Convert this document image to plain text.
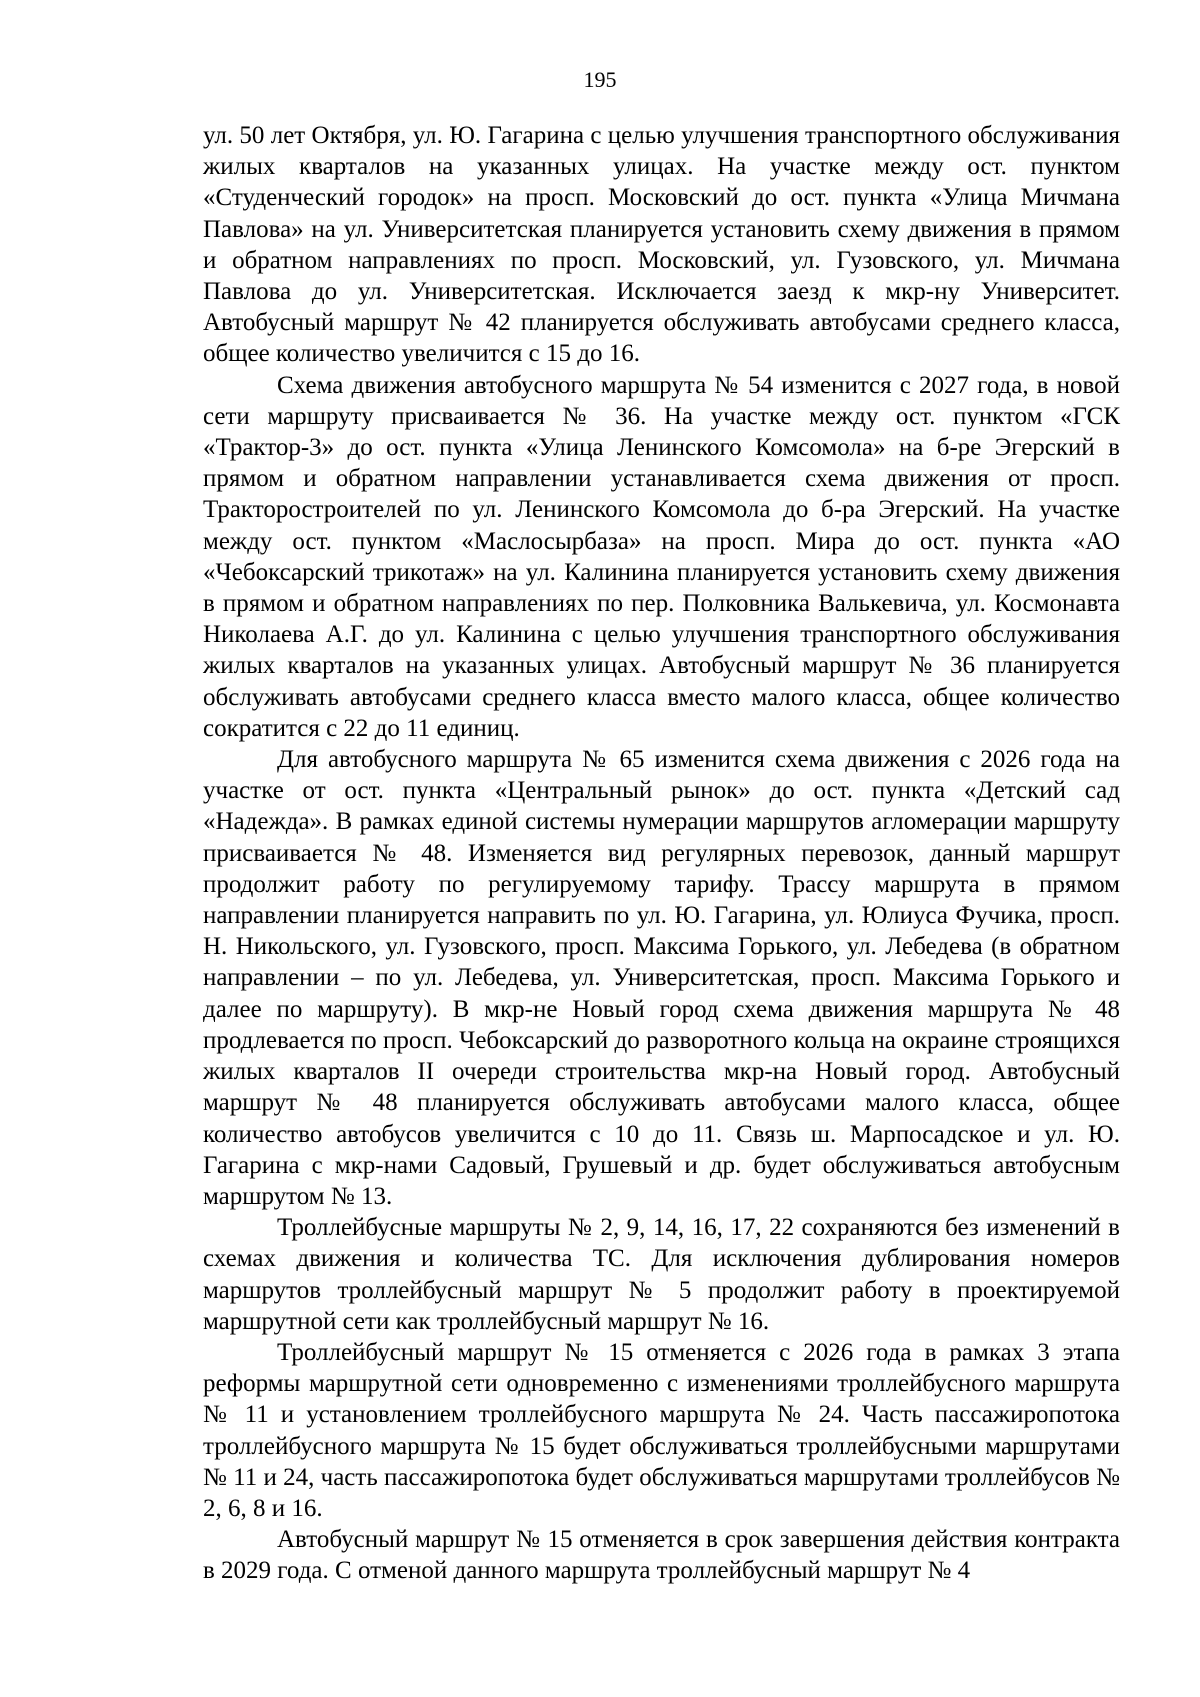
195

ул. 50 лет Октября, ул. Ю. Гагарина с целью улучшения транспортного обслуживания жилых кварталов на указанных улицах. На участке между ост. пунктом «Студенческий городок» на просп. Московский до ост. пункта «Улица Мичмана Павлова» на ул. Университетская планируется установить схему движения в прямом и обратном направлениях по просп. Московский, ул. Гузовского, ул. Мичмана Павлова до ул. Университетская. Исключается заезд к мкр-ну Университет. Автобусный маршрут № 42 планируется обслуживать автобусами среднего класса, общее количество увеличится с 15 до 16.

Схема движения автобусного маршрута № 54 изменится с 2027 года, в новой сети маршруту присваивается № 36. На участке между ост. пунктом «ГСК «Трактор-3» до ост. пункта «Улица Ленинского Комсомола» на б-ре Эгерский в прямом и обратном направлении устанавливается схема движения от просп. Тракторостроителей по ул. Ленинского Комсомола до б-ра Эгерский. На участке между ост. пунктом «Маслосырбаза» на просп. Мира до ост. пункта «АО «Чебоксарский трикотаж» на ул. Калинина планируется установить схему движения в прямом и обратном направлениях по пер. Полковника Валькевича, ул. Космонавта Николаева А.Г. до ул. Калинина с целью улучшения транспортного обслуживания жилых кварталов на указанных улицах. Автобусный маршрут № 36 планируется обслуживать автобусами среднего класса вместо малого класса, общее количество сократится с 22 до 11 единиц.

Для автобусного маршрута № 65 изменится схема движения с 2026 года на участке от ост. пункта «Центральный рынок» до ост. пункта «Детский сад «Надежда». В рамках единой системы нумерации маршрутов агломерации маршруту присваивается № 48. Изменяется вид регулярных перевозок, данный маршрут продолжит работу по регулируемому тарифу. Трассу маршрута в прямом направлении планируется направить по ул. Ю. Гагарина, ул. Юлиуса Фучика, просп. Н. Никольского, ул. Гузовского, просп. Максима Горького, ул. Лебедева (в обратном направлении – по ул. Лебедева, ул. Университетская, просп. Максима Горького и далее по маршруту). В мкр-не Новый город схема движения маршрута № 48 продлевается по просп. Чебоксарский до разворотного кольца на окраине строящихся жилых кварталов II очереди строительства мкр-на Новый город. Автобусный маршрут № 48 планируется обслуживать автобусами малого класса, общее количество автобусов увеличится с 10 до 11. Связь ш. Марпосадское и ул. Ю. Гагарина с мкр-нами Садовый, Грушевый и др. будет обслуживаться автобусным маршрутом № 13.

Троллейбусные маршруты № 2, 9, 14, 16, 17, 22 сохраняются без изменений в схемах движения и количества ТС. Для исключения дублирования номеров маршрутов троллейбусный маршрут № 5 продолжит работу в проектируемой маршрутной сети как троллейбусный маршрут № 16.

Троллейбусный маршрут № 15 отменяется с 2026 года в рамках 3 этапа реформы маршрутной сети одновременно с изменениями троллейбусного маршрута № 11 и установлением троллейбусного маршрута № 24. Часть пассажиропотока троллейбусного маршрута № 15 будет обслуживаться троллейбусными маршрутами № 11 и 24, часть пассажиропотока будет обслуживаться маршрутами троллейбусов № 2, 6, 8 и 16.

Автобусный маршрут № 15 отменяется в срок завершения действия контракта в 2029 года. С отменой данного маршрута троллейбусный маршрут № 4
